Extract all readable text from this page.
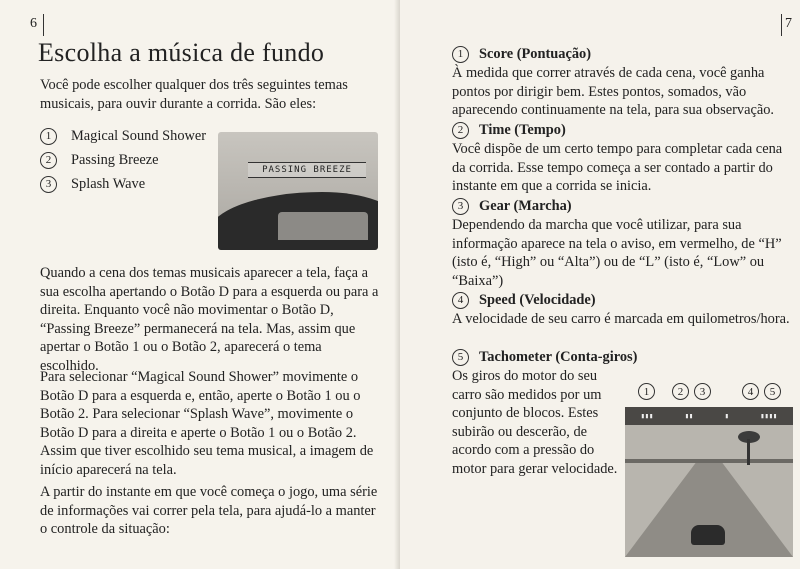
6
Escolha a música de fundo

Você pode escolher qualquer dos três seguintes temas musicais, para ouvir durante a corrida. São eles:

1	Magical Sound Shower
2	Passing Breeze
3	Splash Wave
PASSING BREEZE

Quando a cena dos temas musicais aparecer a tela, faça a sua escolha apertando o Botão D para a esquerda ou para a direita. Enquanto você não movimentar o Botão D, “Passing Breeze” permanecerá na tela. Mas, assim que apertar o Botão 1 ou o Botão 2, aparecerá o tema escolhido.

Para selecionar “Magical Sound Shower” movimente o Botão D para a esquerda e, então, aperte o Botão 1 ou o Botão 2. Para selecionar “Splash Wave”, movimente o Botão D para a direita e aperte o Botão 1 ou o Botão 2.

Assim que tiver escolhido seu tema musical, a imagem de início aparecerá na tela.

A partir do instante em que você começa o jogo, uma série de informações vai correr pela tela, para ajudá-lo a manter o controle da situação:

7
1	Score (Pontuação)

À medida que correr através de cada cena, você ganha pontos por dirigir bem. Estes pontos, somados, vão aparecendo continuamente na tela, para sua observação.

2	Time (Tempo)

Você dispõe de um certo tempo para completar cada cena da corrida. Esse tempo começa a ser contado a partir do instante em que a corrida se inicia.

3	Gear (Marcha)

Dependendo da marcha que você utilizar, para sua informação aparece na tela o aviso, em vermelho, de “H” (isto é, “High” ou “Alta”) ou de “L” (isto é, “Low” ou “Baixa”)

4	Speed (Velocidade)

A velocidade de seu carro é marcada em quilometros/hora.

5	Tachometer (Conta-giros)

Os giros do motor do seu carro são medidos por um conjunto de blocos. Estes subirão ou descerão, de acordo com a pressão do motor para gerar velocidade.

1	2	3	4	5
▮▮▮	▮▮	▮	▮▮▮▮
